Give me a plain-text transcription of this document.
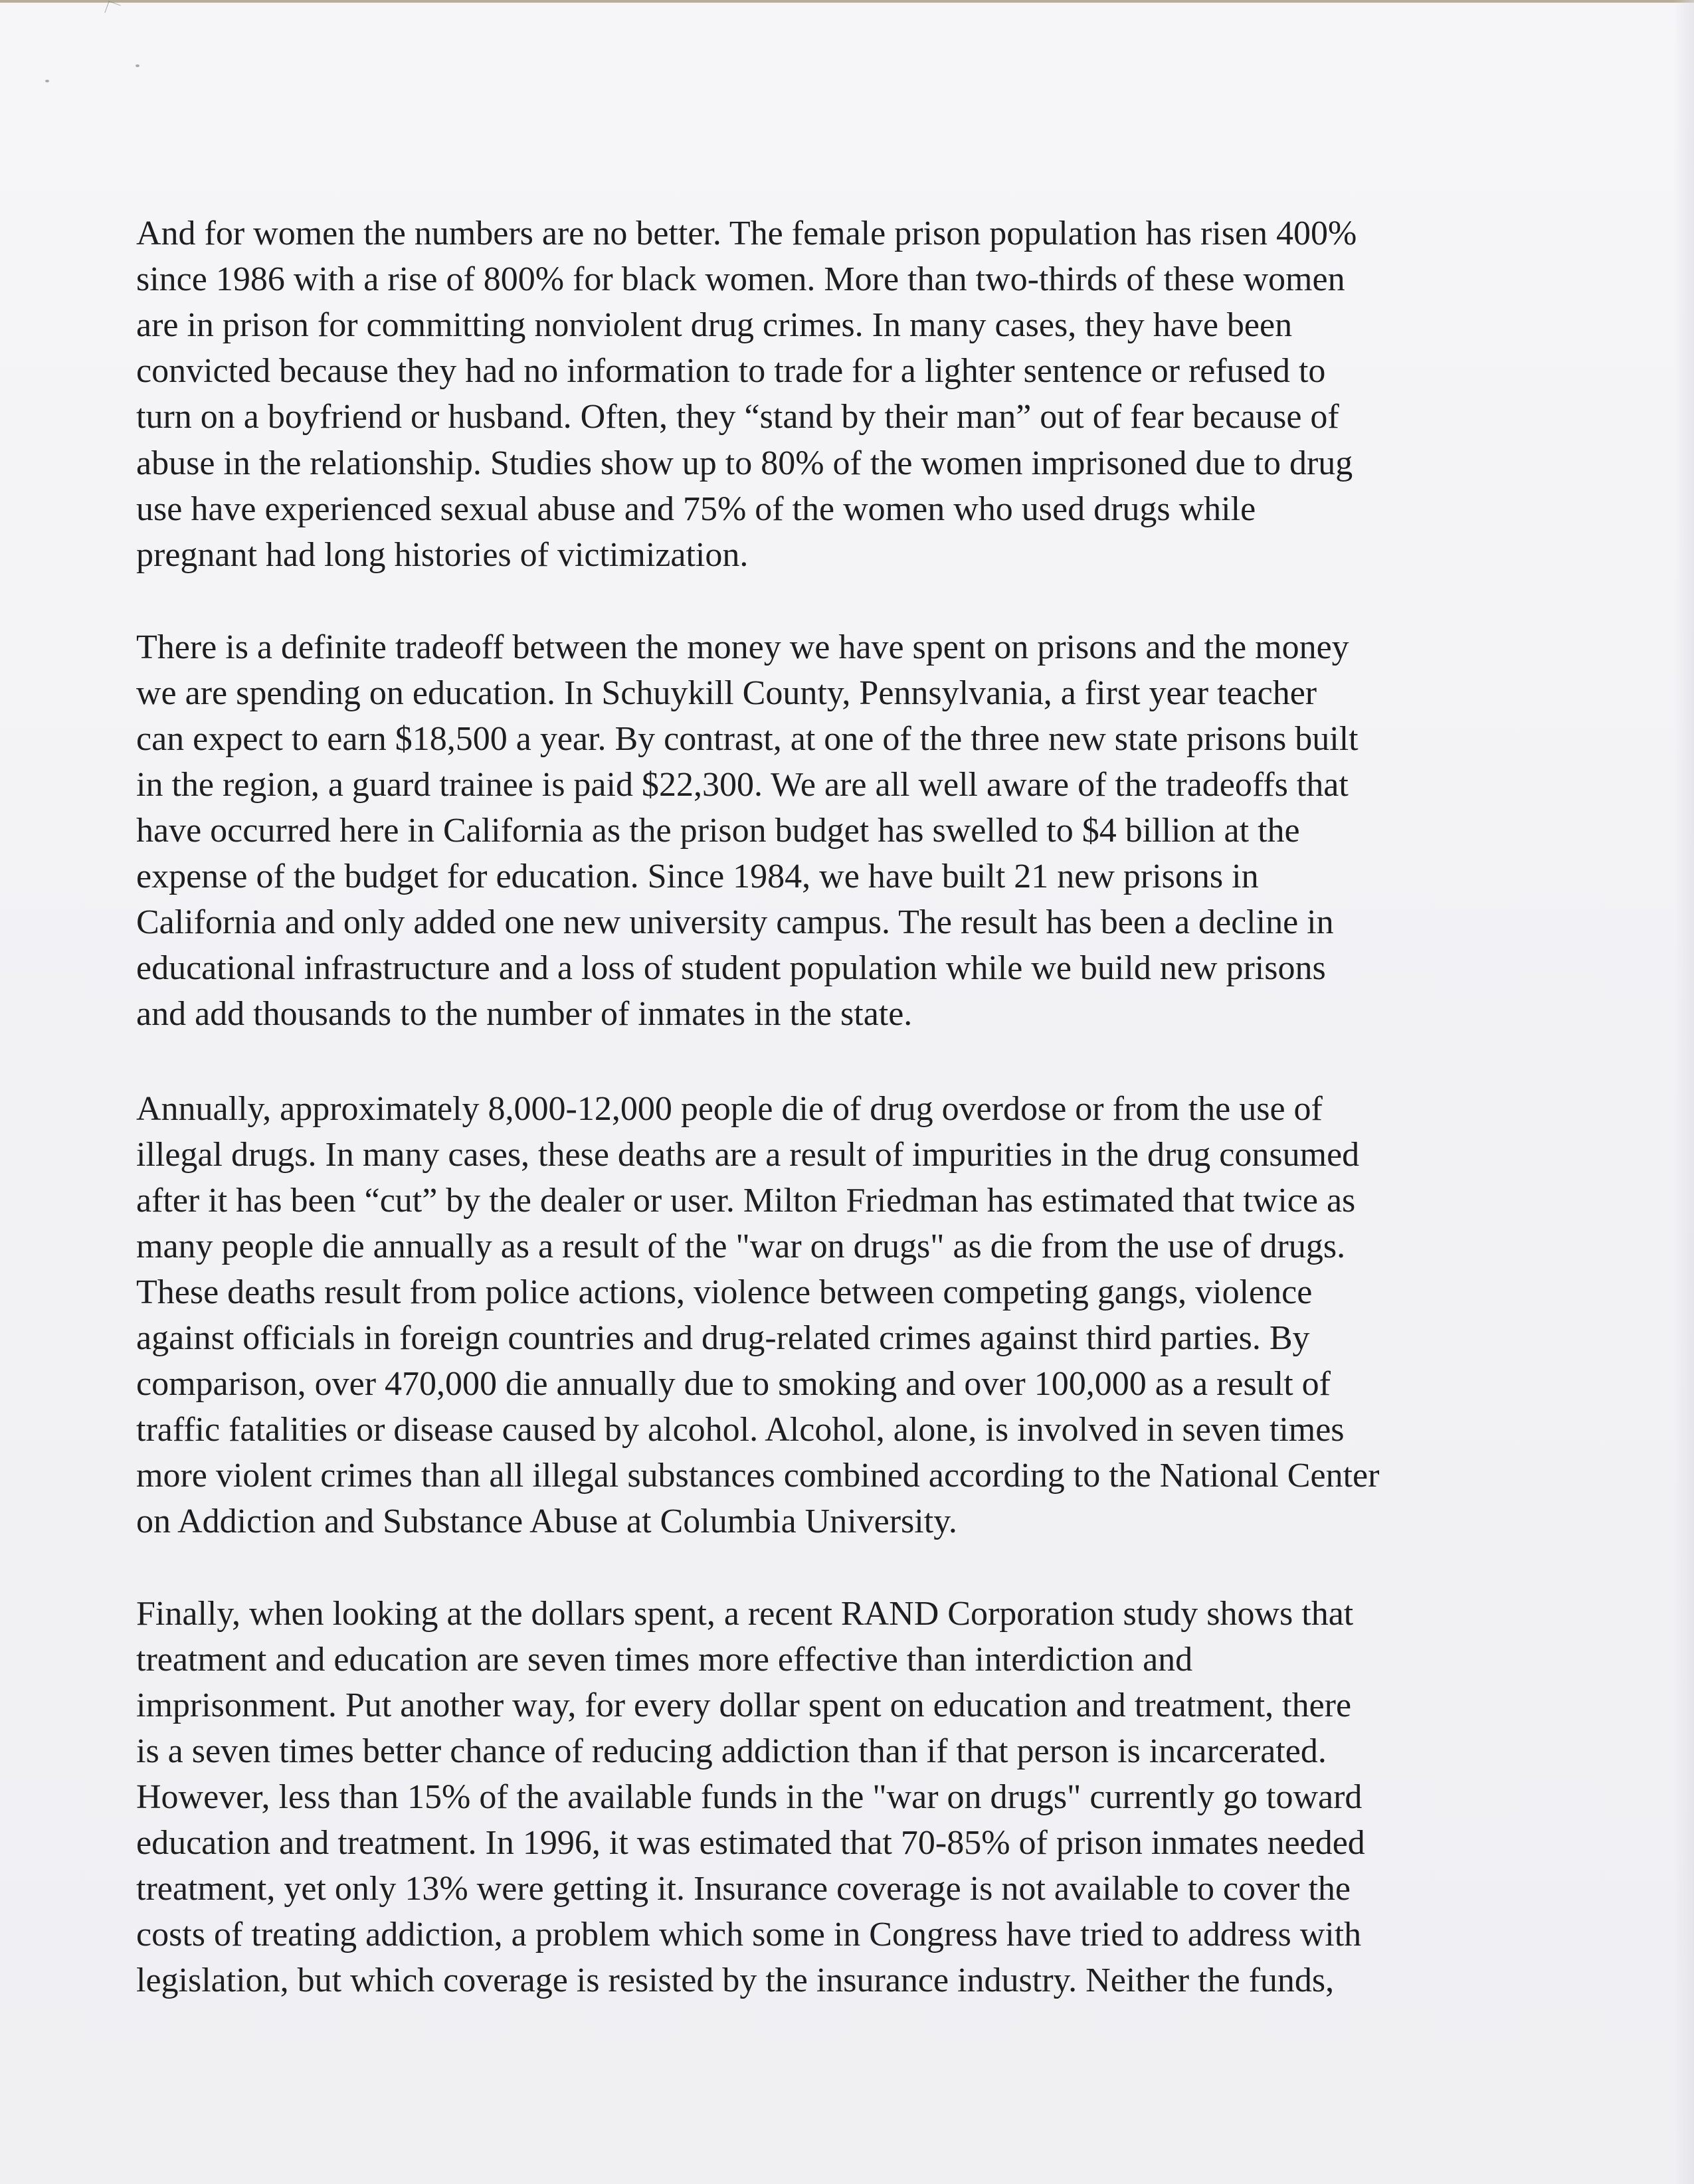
And for women the numbers are no better. The female prison population has risen 400%
since 1986 with a rise of 800% for black women. More than two-thirds of these women
are in prison for committing nonviolent drug crimes. In many cases, they have been
convicted because they had no information to trade for a lighter sentence or refused to
turn on a boyfriend or husband. Often, they “stand by their man” out of fear because of
abuse in the relationship. Studies show up to 80% of the women imprisoned due to drug
use have experienced sexual abuse and 75% of the women who used drugs while
pregnant had long histories of victimization.
There is a definite tradeoff between the money we have spent on prisons and the money
we are spending on education. In Schuykill County, Pennsylvania, a first year teacher
can expect to earn $18,500 a year. By contrast, at one of the three new state prisons built
in the region, a guard trainee is paid $22,300. We are all well aware of the tradeoffs that
have occurred here in California as the prison budget has swelled to $4 billion at the
expense of the budget for education. Since 1984, we have built 21 new prisons in
California and only added one new university campus. The result has been a decline in
educational infrastructure and a loss of student population while we build new prisons
and add thousands to the number of inmates in the state.
Annually, approximately 8,000-12,000 people die of drug overdose or from the use of
illegal drugs. In many cases, these deaths are a result of impurities in the drug consumed
after it has been “cut” by the dealer or user. Milton Friedman has estimated that twice as
many people die annually as a result of the "war on drugs" as die from the use of drugs.
These deaths result from police actions, violence between competing gangs, violence
against officials in foreign countries and drug-related crimes against third parties. By
comparison, over 470,000 die annually due to smoking and over 100,000 as a result of
traffic fatalities or disease caused by alcohol. Alcohol, alone, is involved in seven times
more violent crimes than all illegal substances combined according to the National Center
on Addiction and Substance Abuse at Columbia University.
Finally, when looking at the dollars spent, a recent RAND Corporation study shows that
treatment and education are seven times more effective than interdiction and
imprisonment. Put another way, for every dollar spent on education and treatment, there
is a seven times better chance of reducing addiction than if that person is incarcerated.
However, less than 15% of the available funds in the "war on drugs" currently go toward
education and treatment. In 1996, it was estimated that 70-85% of prison inmates needed
treatment, yet only 13% were getting it. Insurance coverage is not available to cover the
costs of treating addiction, a problem which some in Congress have tried to address with
legislation, but which coverage is resisted by the insurance industry. Neither the funds,
